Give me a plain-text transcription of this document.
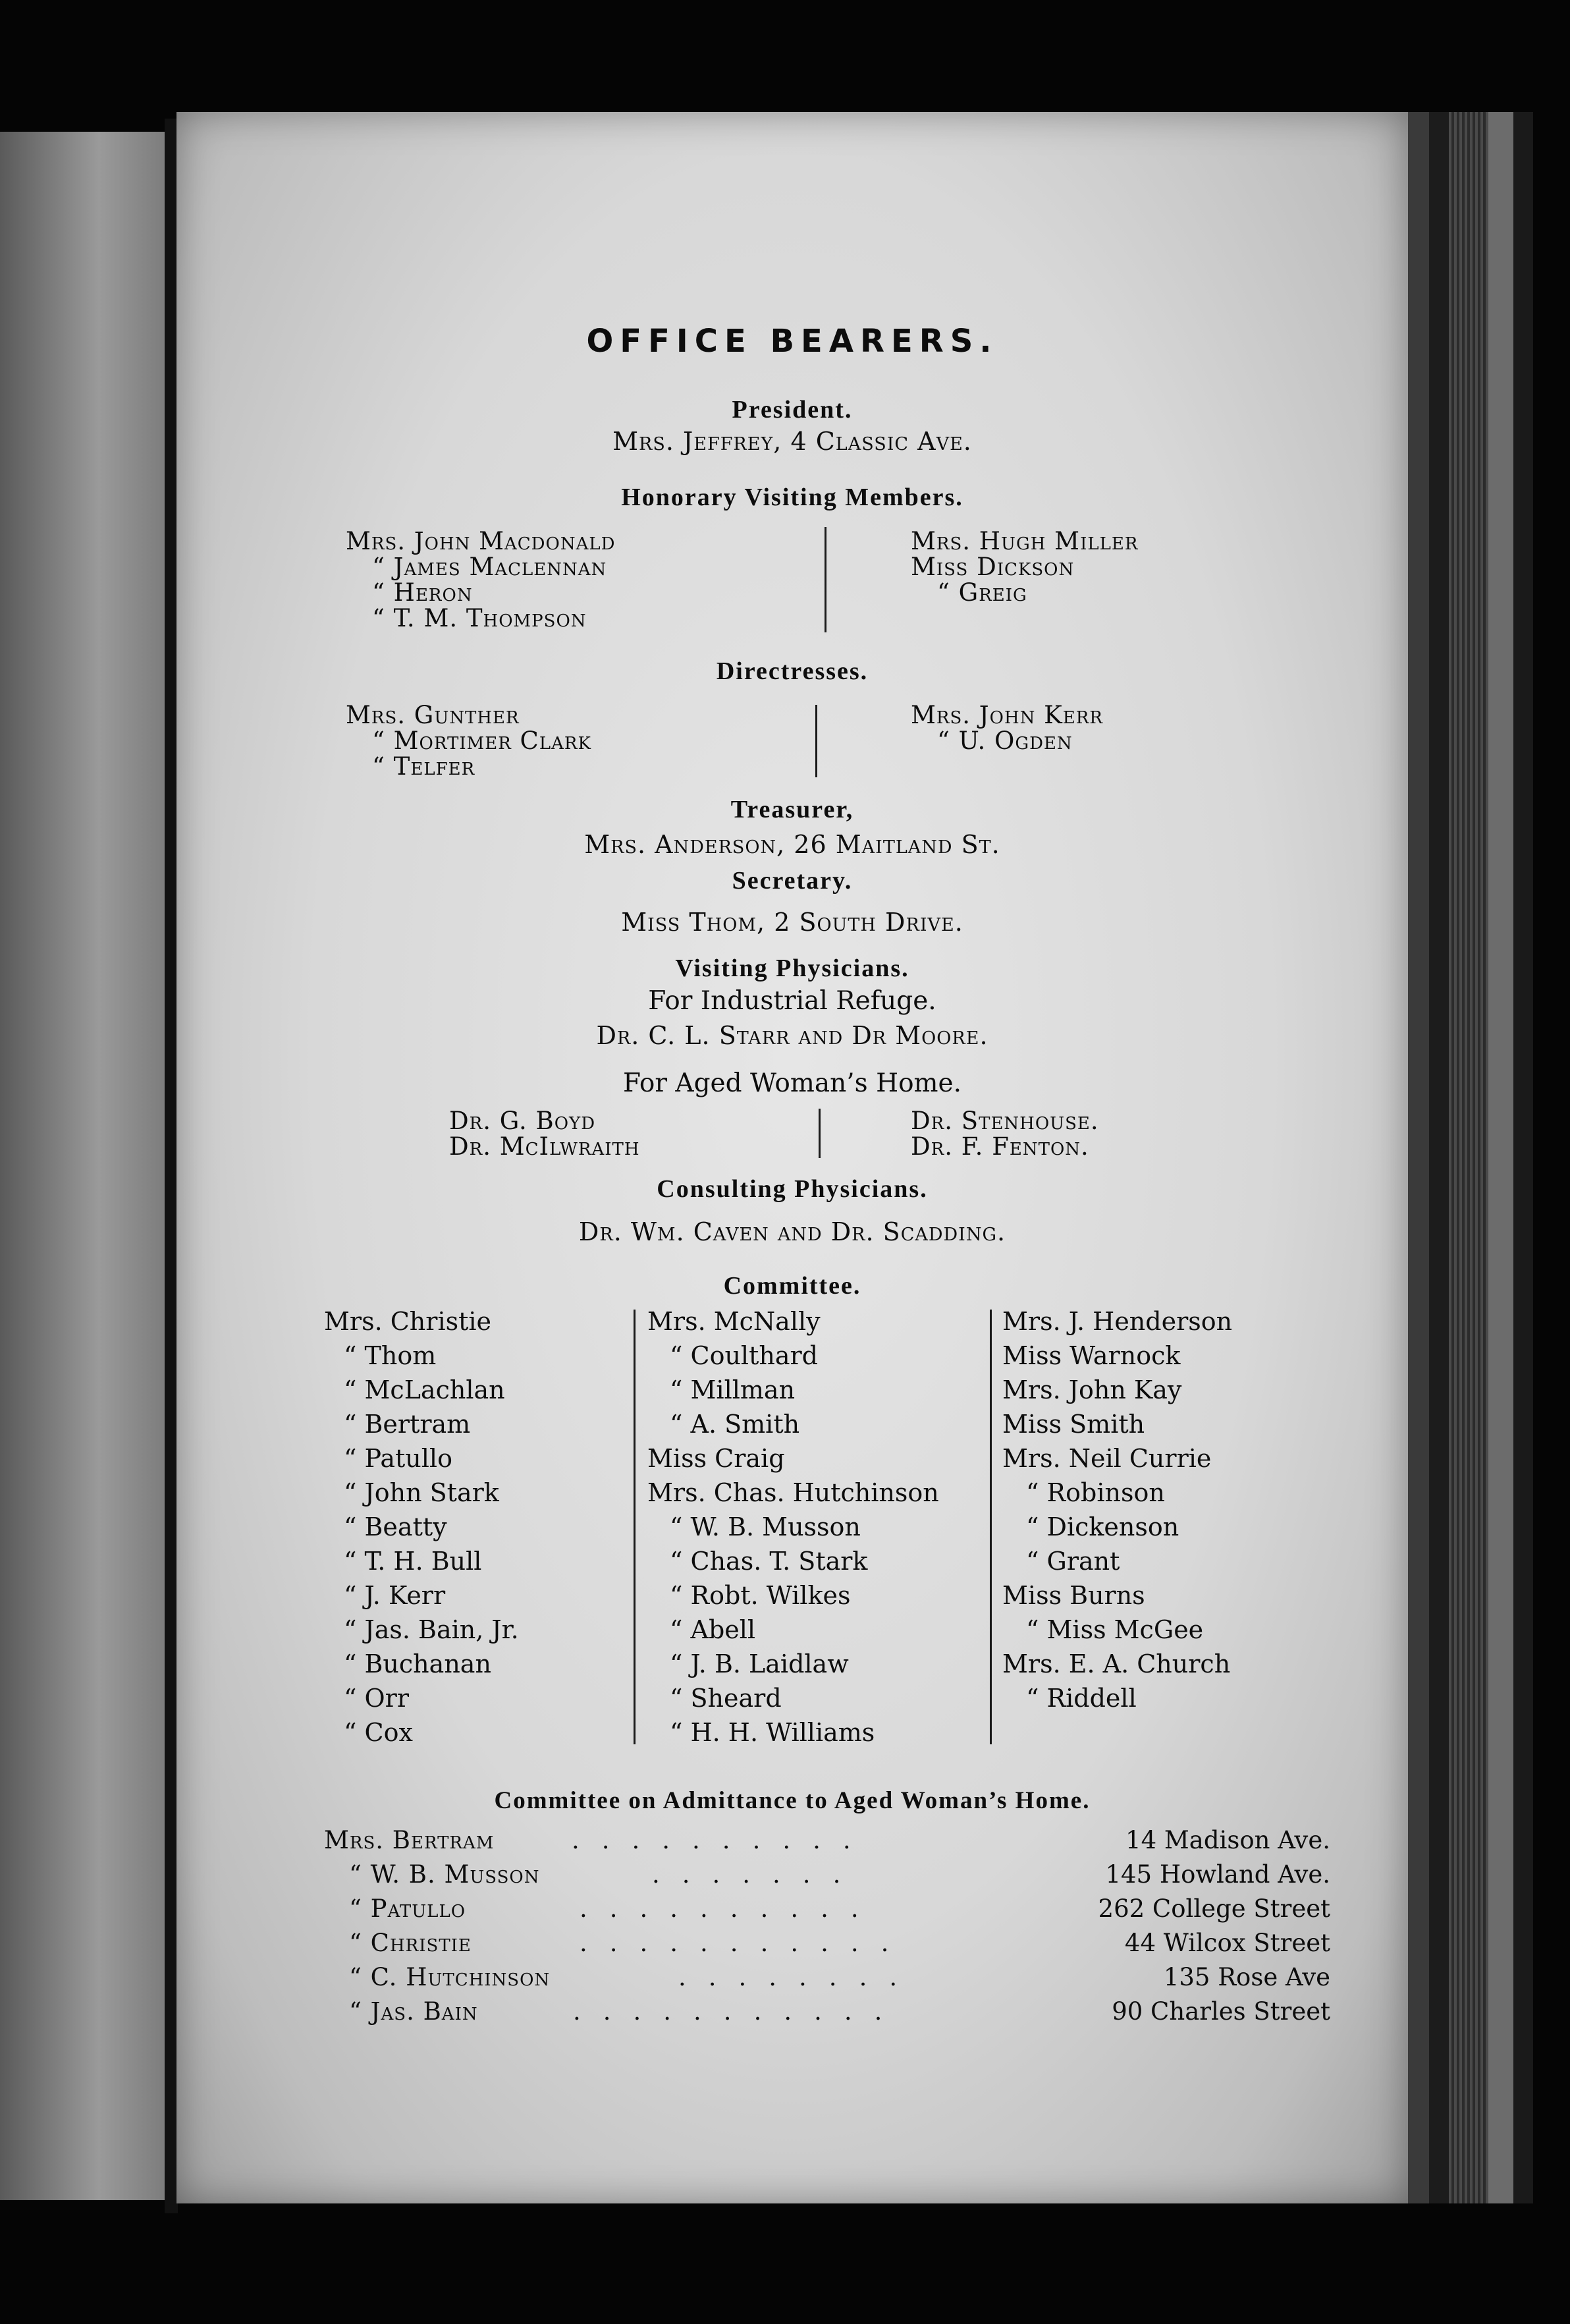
OFFICE BEARERS.
President.
Mrs. Jeffrey, 4 Classic Ave.
Honorary Visiting Members.
Mrs. John Macdonald
“ James Maclennan
“ Heron
“ T. M. Thompson
Mrs. Hugh Miller
Miss Dickson
“ Greig
Directresses.
Mrs. Gunther
“ Mortimer Clark
“ Telfer
Mrs. John Kerr
“ U. Ogden
Treasurer,
Mrs. Anderson, 26 Maitland St.
Secretary.
Miss Thom, 2 South Drive.
Visiting Physicians.
For Industrial Refuge.
Dr. C. L. Starr and Dr Moore.
For Aged Woman’s Home.
Dr. G. Boyd
Dr. McIlwraith
Dr. Stenhouse.
Dr. F. Fenton.
Consulting Physicians.
Dr. Wm. Caven and Dr. Scadding.
Committee.
Mrs. Christie
“ Thom
“ McLachlan
“ Bertram
“ Patullo
“ John Stark
“ Beatty
“ T. H. Bull
“ J. Kerr
“ Jas. Bain, Jr.
“ Buchanan
“ Orr
“ Cox
Mrs. McNally
“ Coulthard
“ Millman
“ A. Smith
Miss Craig
Mrs. Chas. Hutchinson
“ W. B. Musson
“ Chas. T. Stark
“ Robt. Wilkes
“ Abell
“ J. B. Laidlaw
“ Sheard
“ H. H. Williams
Mrs. J. Henderson
Miss Warnock
Mrs. John Kay
Miss Smith
Mrs. Neil Currie
“ Robinson
“ Dickenson
“ Grant
Miss Burns
“ Miss McGee
Mrs. E. A. Church
“ Riddell
Committee on Admittance to Aged Woman’s Home.
Mrs. Bertram	..........	14 Madison Ave.
“ W. B. Musson	.......	145 Howland Ave.
“ Patullo	..........	262 College Street
“ Christie	...........	44 Wilcox Street
“ C. Hutchinson	........	135 Rose Ave
“ Jas. Bain	...........	90 Charles Street
